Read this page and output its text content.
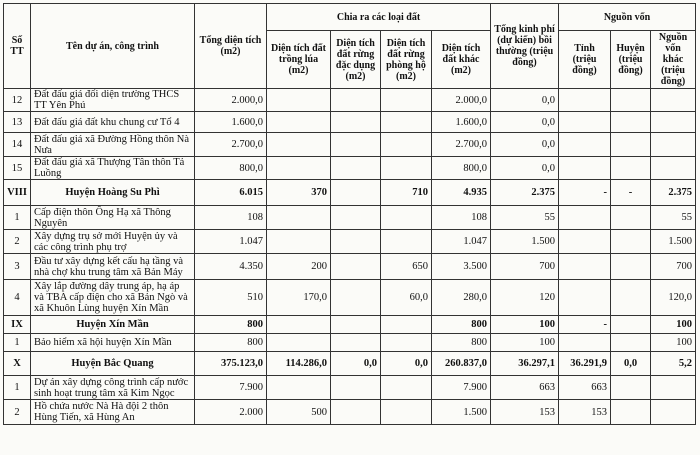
Số TT	Tên dự án, công trình	Tổng diện tích (m2)	Chia ra các loại đất				Tổng kinh phí (dự kiến) bồi thường (triệu đồng)	Nguồn vốn		
			Diện tích đất trồng lúa (m2)	Diện tích đất rừng đặc dụng (m2)	Diện tích đất rừng phòng hộ (m2)	Diện tích đất khác (m2)		Tỉnh (triệu đồng)	Huyện (triệu đồng)	Nguồn vốn khác (triệu đồng)
12	Đất đấu giá đối diện trường THCS TT Yên Phú	2.000,0				2.000,0	0,0			
13	Đất đấu giá đất khu chung cư Tổ 4	1.600,0				1.600,0	0,0			
14	Đất đấu giá xã Đường Hồng thôn Nà Nưa	2.700,0				2.700,0	0,0			
15	Đất đấu giá xã Thượng Tân thôn Tả Luồng	800,0				800,0	0,0			
VIII	Huyện Hoàng Su Phì	6.015	370		710	4.935	2.375	-	-	2.375
1	Cấp điện thôn Ông Hạ xã Thông Nguyên	108				108	55			55
2	Xây dựng trụ sở mới Huyện ủy và các công trình phụ trợ	1.047				1.047	1.500			1.500
3	Đầu tư xây dựng kết cấu hạ tầng và nhà chợ khu trung tâm xã Bản Máy	4.350	200		650	3.500	700			700
4	Xây lắp đường dây trung áp, hạ áp và TBA cấp điện cho xã Bản Ngò và xã Khuôn Lùng huyện Xín Mần	510	170,0		60,0	280,0	120			120,0
IX	Huyện Xín Mần	800				800	100	-		100
1	Bảo hiểm xã hội huyện Xín Mần	800				800	100			100
X	Huyện Bắc Quang	375.123,0	114.286,0	0,0	0,0	260.837,0	36.297,1	36.291,9	0,0	5,2
1	Dự án xây dựng công trình cấp nước sinh hoạt trung tâm xã Kim Ngọc	7.900				7.900	663	663		
2	Hồ chứa nước Nà Hà đội 2 thôn Hùng Tiến, xã Hùng An	2.000	500			1.500	153	153		
